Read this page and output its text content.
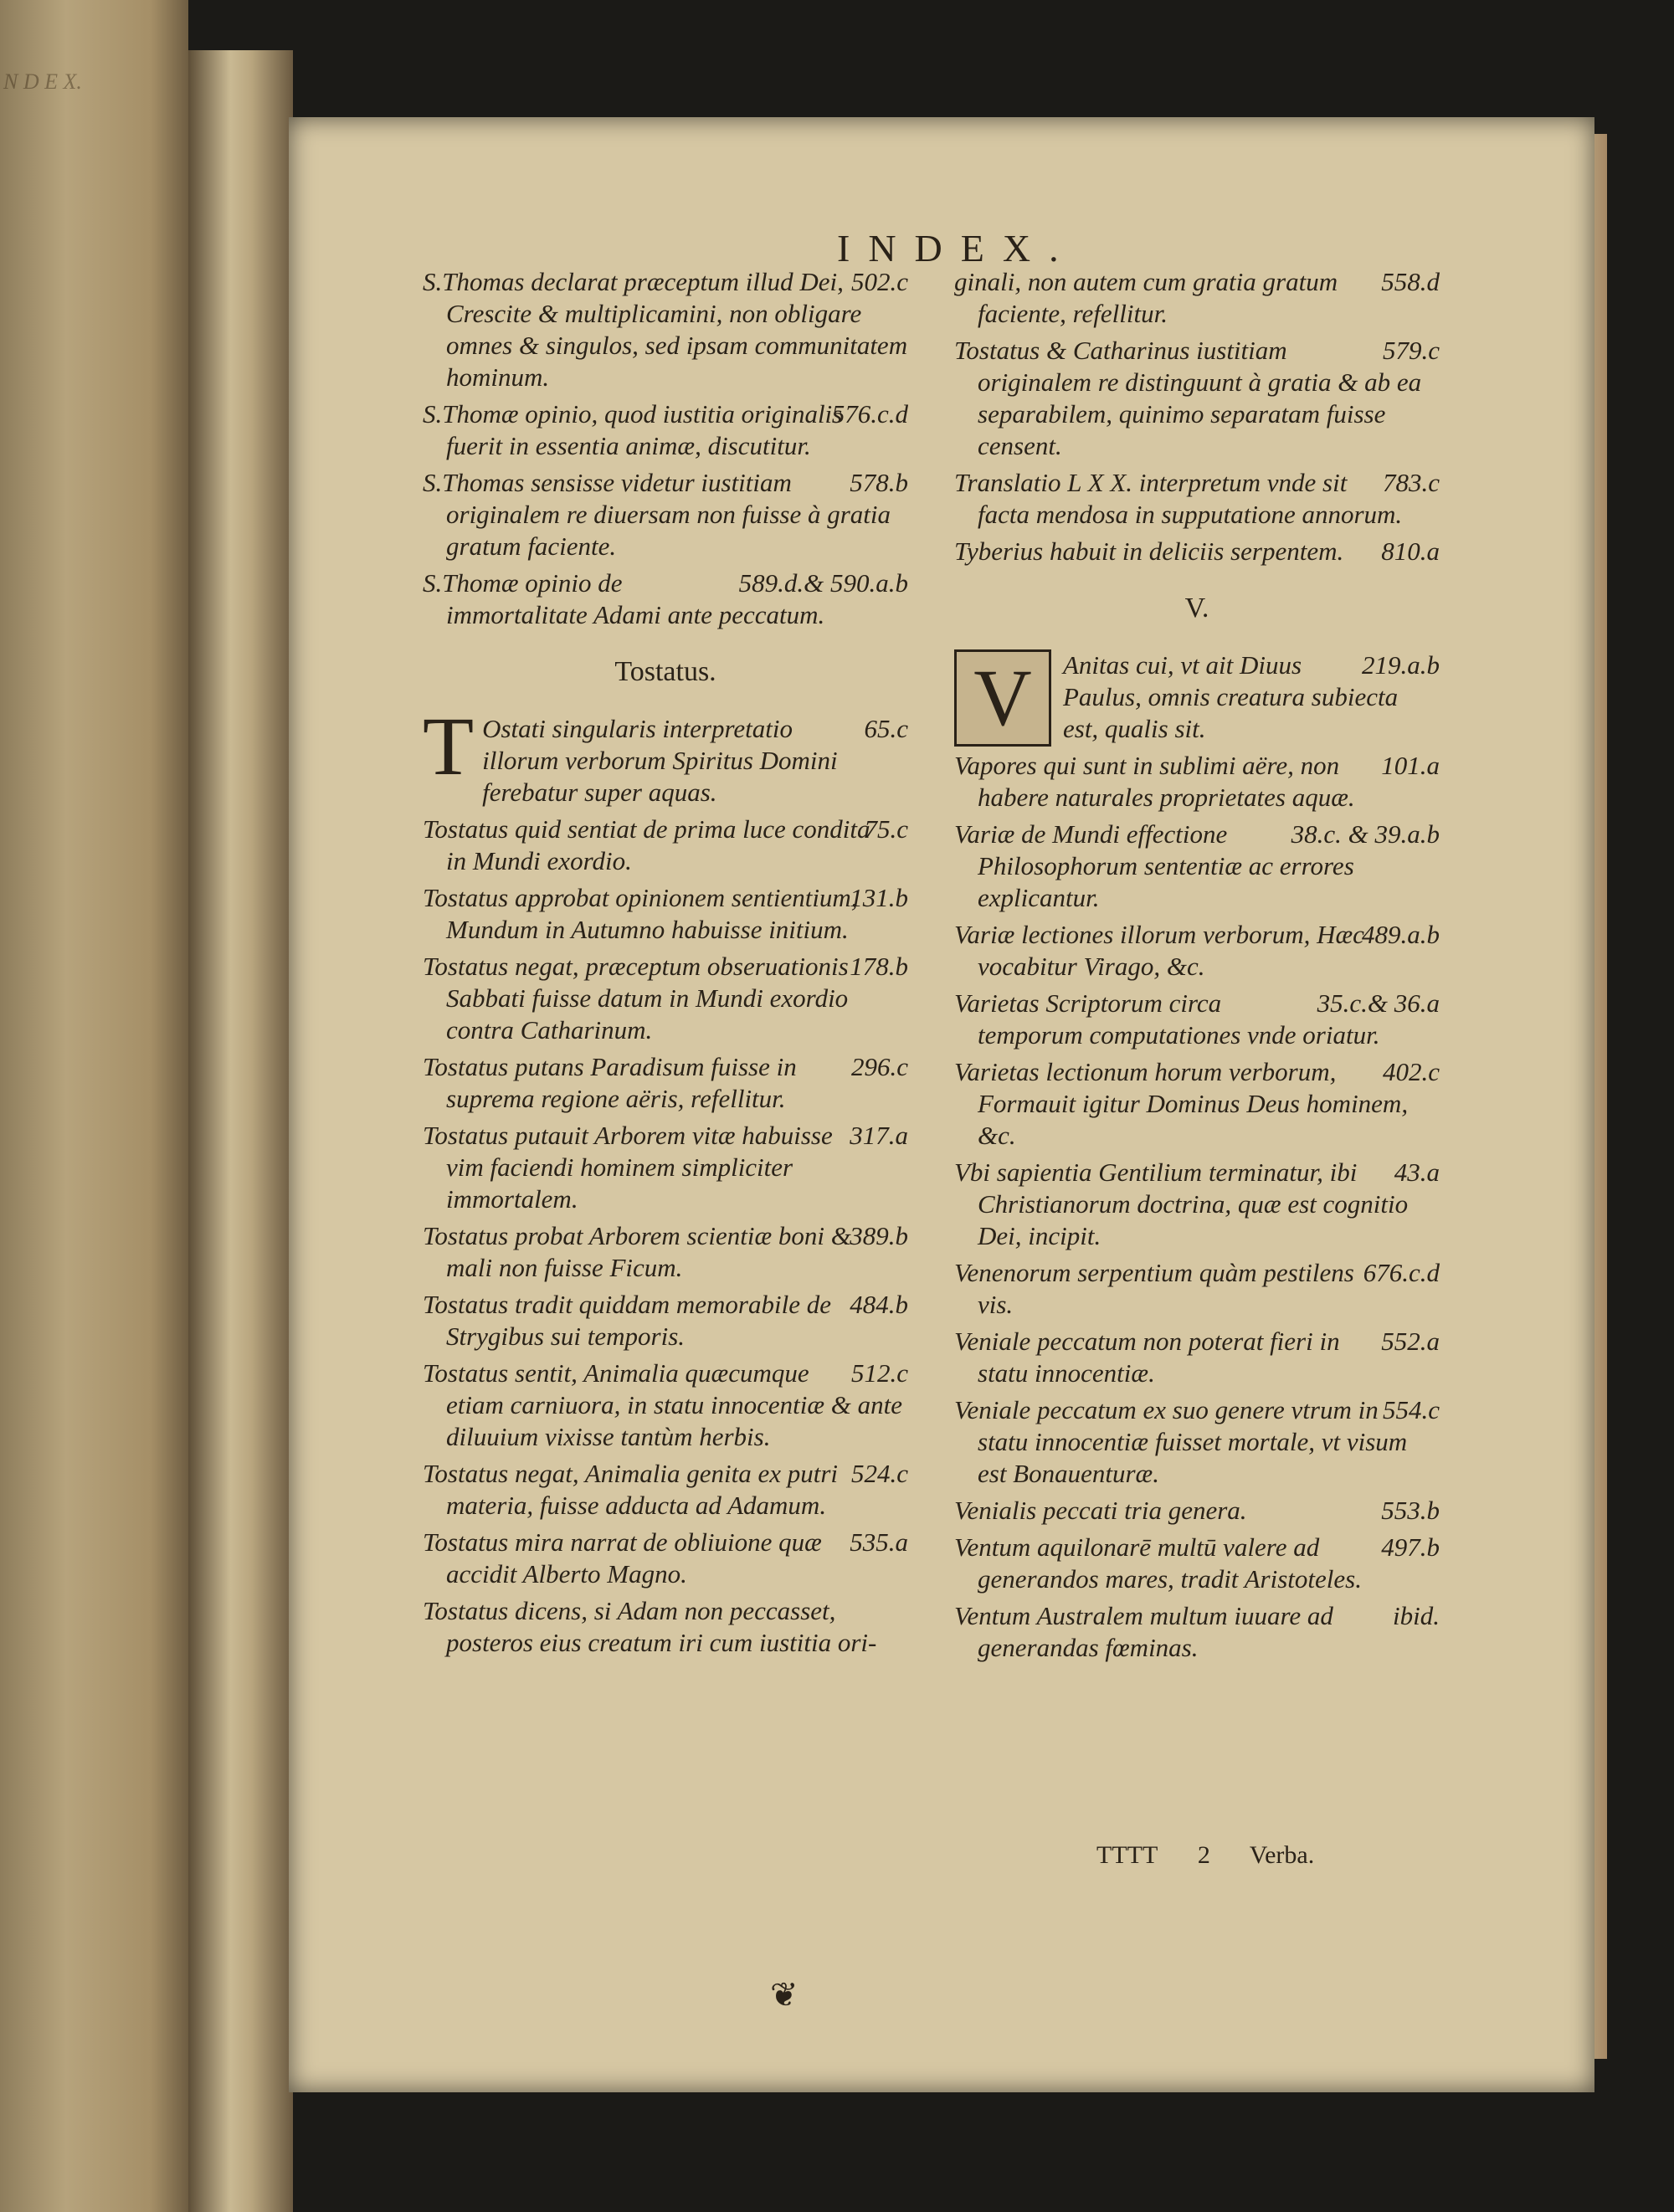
N D E X.
INDEX.
502.c
S.Thomas declarat præceptum illud Dei, Crescite & multiplicamini, non obligare omnes & singulos, sed ipsam communitatem hominum.
576.c.d
S.Thomæ opinio, quod iustitia originalis fuerit in essentia animæ, discutitur.
578.b
S.Thomas sensisse videtur iustitiam originalem re diuersam non fuisse à gratia gratum faciente.
589.d.& 590.a.b
S.Thomæ opinio de immortalitate Adami ante peccatum.
Tostatus.
T	65.c
Ostati singularis interpretatio illorum verborum Spiritus Domini ferebatur super aquas.
75.c
Tostatus quid sentiat de prima luce condita in Mundi exordio.
131.b
Tostatus approbat opinionem sentientium, Mundum in Autumno habuisse initium.
178.b
Tostatus negat, præceptum obseruationis Sabbati fuisse datum in Mundi exordio contra Catharinum.
296.c
Tostatus putans Paradisum fuisse in suprema regione aëris, refellitur.
317.a
Tostatus putauit Arborem vitæ habuisse vim faciendi hominem simpliciter immortalem.
389.b
Tostatus probat Arborem scientiæ boni & mali non fuisse Ficum.
484.b
Tostatus tradit quiddam memorabile de Strygibus sui temporis.
512.c
Tostatus sentit, Animalia quæcumque etiam carniuora, in statu innocentiæ & ante diluuium vixisse tantùm herbis.
524.c
Tostatus negat, Animalia genita ex putri materia, fuisse adducta ad Adamum.
535.a
Tostatus mira narrat de obliuione quæ accidit Alberto Magno.
Tostatus dicens, si Adam non peccasset, posteros eius creatum iri cum iustitia ori-
558.d
ginali, non autem cum gratia gratum faciente, refellitur.
579.c
Tostatus & Catharinus iustitiam originalem re distinguunt à gratia & ab ea separabilem, quinimo separatam fuisse censent.
783.c
Translatio L X X. interpretum vnde sit facta mendosa in supputatione annorum.
810.a
Tyberius habuit in deliciis serpentem.
V.
V	219.a.b
Anitas cui, vt ait Diuus Paulus, omnis creatura subiecta est, qualis sit.
101.a
Vapores qui sunt in sublimi aëre, non habere naturales proprietates aquæ.
38.c. & 39.a.b
Variæ de Mundi effectione Philosophorum sententiæ ac errores explicantur.
489.a.b
Variæ lectiones illorum verborum, Hæc vocabitur Virago, &c.
35.c.& 36.a
Varietas Scriptorum circa temporum computationes vnde oriatur.
402.c
Varietas lectionum horum verborum, Formauit igitur Dominus Deus hominem, &c.
43.a
Vbi sapientia Gentilium terminatur, ibi Christianorum doctrina, quæ est cognitio Dei, incipit.
676.c.d
Venenorum serpentium quàm pestilens vis.
552.a
Veniale peccatum non poterat fieri in statu innocentiæ.
554.c
Veniale peccatum ex suo genere vtrum in statu innocentiæ fuisset mortale, vt visum est Bonauenturæ.
553.b
Venialis peccati tria genera.
497.b
Ventum aquilonarē multū valere ad generandos mares, tradit Aristoteles.
ibid.
Ventum Australem multum iuuare ad generandas fœminas.
TTTT 2 Verba.
❦
